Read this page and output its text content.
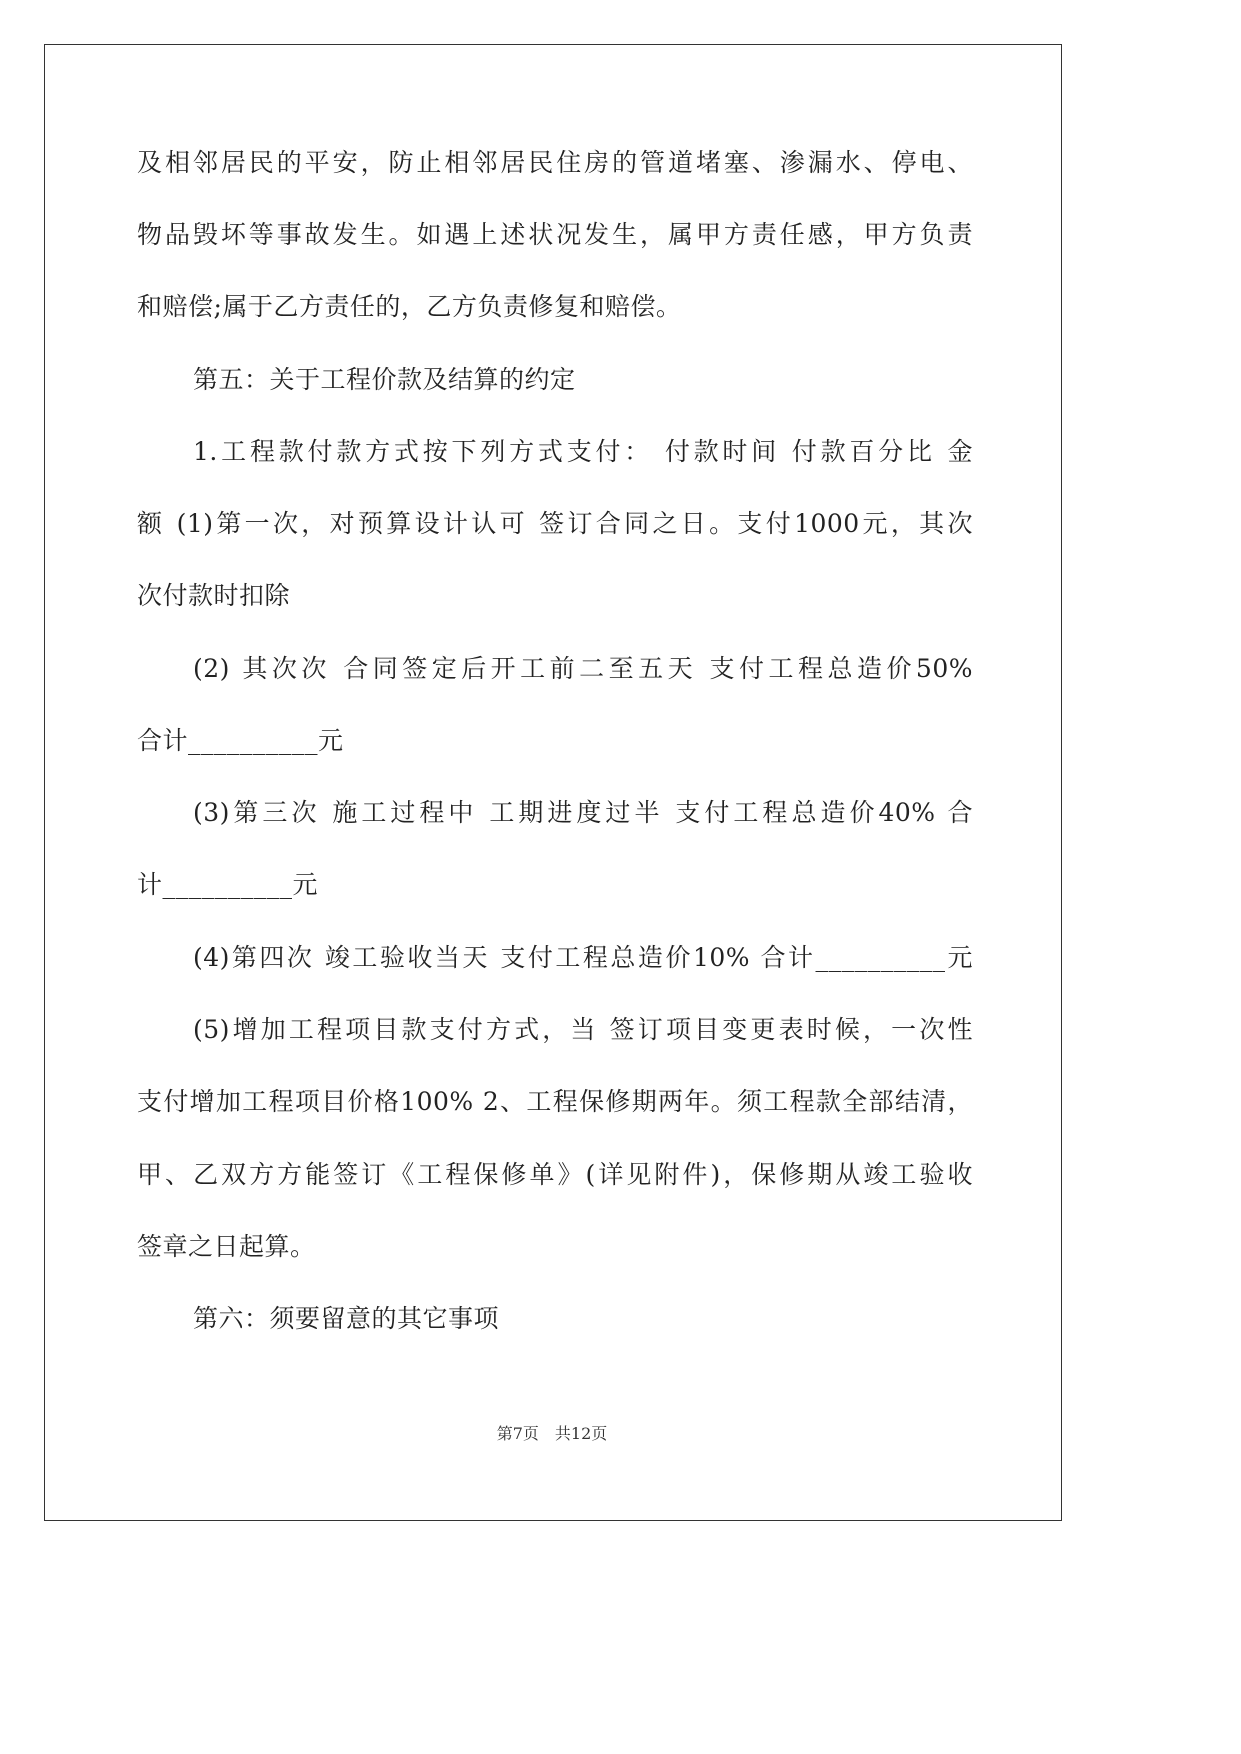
及相邻居民的平安，防止相邻居民住房的管道堵塞、渗漏水、停电、
物品毁坏等事故发生。如遇上述状况发生，属甲方责任感，甲方负责
和赔偿;属于乙方责任的，乙方负责修复和赔偿。
第五：关于工程价款及结算的约定
1.工程款付款方式按下列方式支付： 付款时间 付款百分比 金
额 (1)第一次，对预算设计认可 签订合同之日。支付1000元，其次
次付款时扣除
(2) 其次次 合同签定后开工前二至五天 支付工程总造价50%
合计__________元
(3)第三次 施工过程中 工期进度过半 支付工程总造价40% 合
计__________元
(4)第四次 竣工验收当天 支付工程总造价10% 合计__________元
(5)增加工程项目款支付方式，当 签订项目变更表时候，一次性
支付增加工程项目价格100% 2、工程保修期两年。须工程款全部结清，
甲、乙双方方能签订《工程保修单》(详见附件)，保修期从竣工验收
签章之日起算。
第六：须要留意的其它事项
第7页　共12页
